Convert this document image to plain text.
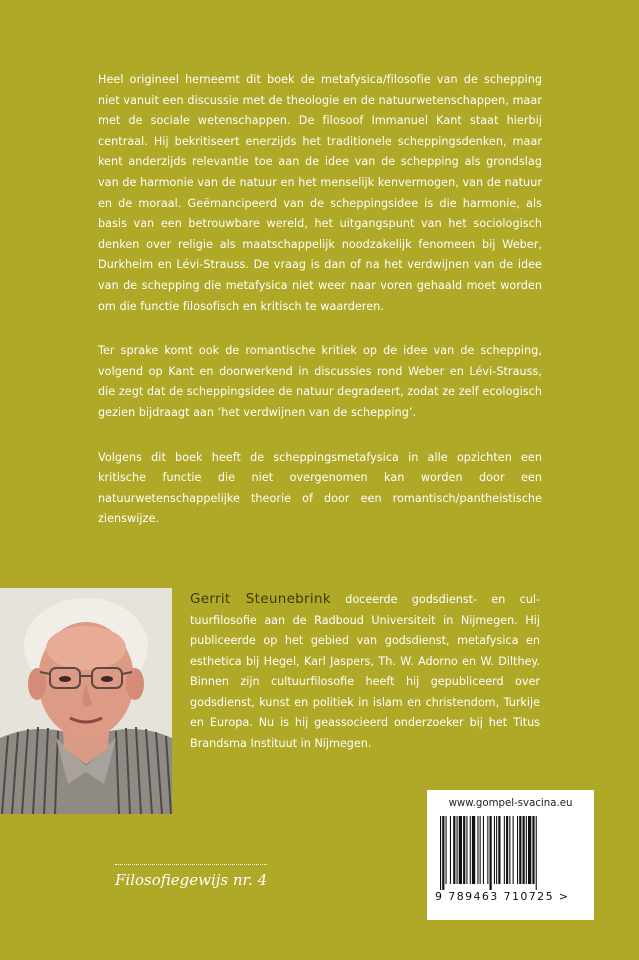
Heel origineel herneemt dit boek de metafysica/filosofie van de schepping niet vanuit een discussie met de theologie en de natuurwetenschappen, maar met de sociale wetenschappen. De filosoof Immanuel Kant staat hierbij centraal. Hij bekritiseert enerzijds het traditionele scheppingsdenken, maar kent anderzijds relevantie toe aan de idee van de schepping als grondslag van de harmonie van de natuur en het menselijk kenvermogen, van de natuur en de moraal. Geëmancipeerd van de scheppingsidee is die harmonie, als basis van een betrouwbare wereld, het uitgangspunt van het sociologisch denken over religie als maatschappelijk noodzakelijk fenomeen bij Weber, Durkheim en Lévi-Strauss. De vraag is dan of na het verdwijnen van de idee van de schepping die metafysica niet weer naar voren gehaald moet worden om die functie filosofisch en kritisch te waarderen.

Ter sprake komt ook de romantische kritiek op de idee van de schepping, volgend op Kant en doorwerkend in discussies rond Weber en Lévi-Strauss, die zegt dat de scheppingsidee de natuur degradeert, zodat ze zelf ecologisch gezien bijdraagt aan ‘het verdwijnen van de schepping’.

Volgens dit boek heeft de scheppingsmetafysica in alle opzichten een kritische functie die niet overgenomen kan worden door een natuurwetenschappelijke theorie of door een romantisch/pantheistische zienswijze.

Gerrit Steunebrink doceerde godsdienst- en cultuurfilosofie aan de Radboud Universiteit in Nijmegen. Hij publiceerde op het gebied van godsdienst, metafysica en esthetica bij Hegel, Karl Jaspers, Th. W. Adorno en W. Dilthey. Binnen zijn cultuurfilosofie heeft hij gepubliceerd over godsdienst, kunst en politiek in islam en christendom, Turkije en Europa. Nu is hij geassocieerd onderzoeker bij het Titus Brandsma Instituut in Nijmegen.
Filosofiegewijs nr. 4
www.gompel-svacina.eu
9 789463 710725 >
